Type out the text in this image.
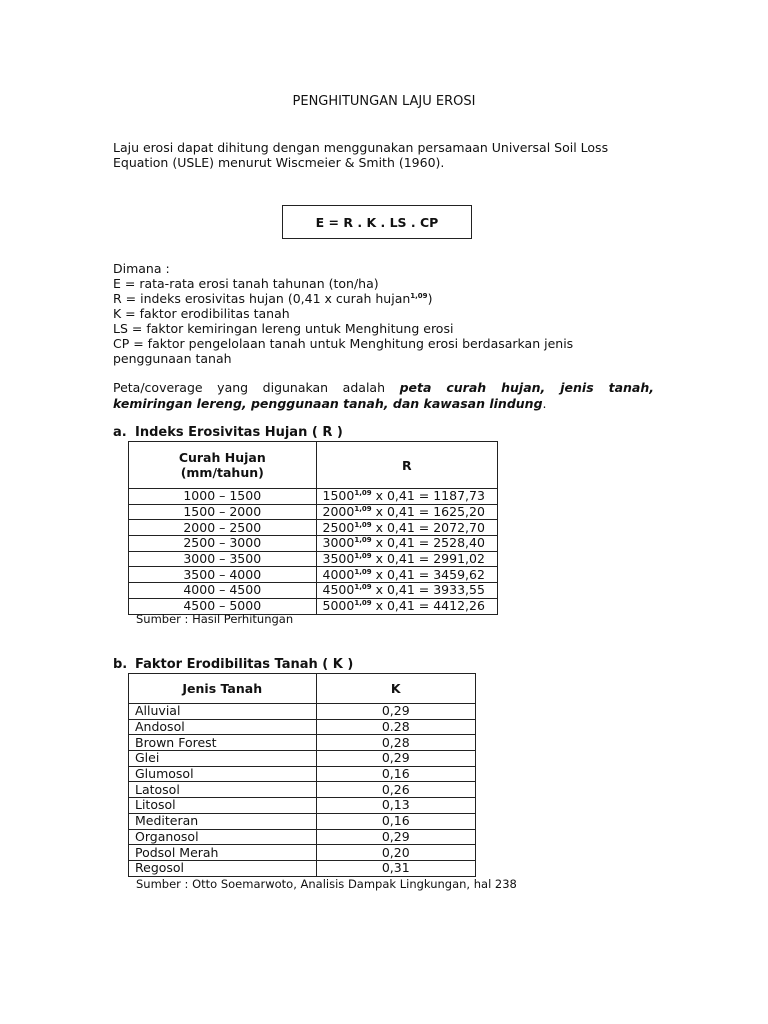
PENGHITUNGAN LAJU EROSI
Laju erosi dapat dihitung dengan menggunakan persamaan Universal Soil Loss
Equation (USLE) menurut Wiscmeier & Smith (1960).
E = R . K . LS . CP
Dimana :
E = rata-rata erosi tanah tahunan (ton/ha)
R = indeks erosivitas hujan (0,41 x curah hujan$^{1,09}$)
K = faktor erodibilitas tanah
LS = faktor kemiringan lereng untuk Menghitung erosi
CP = faktor pengelolaan tanah untuk Menghitung erosi berdasarkan jenis
penggunaan tanah
Peta/coverage yang digunakan adalah peta curah hujan, jenis tanah,
kemiringan lereng, penggunaan tanah, dan kawasan lindung.
a. Indeks Erosivitas Hujan ( R )
Curah Hujan
(mm/tahun)	R
1000 – 1500	1500$^{1,09}$ x 0,41 = 1187,73
1500 – 2000	2000$^{1,09}$ x 0,41 = 1625,20
2000 – 2500	2500$^{1,09}$ x 0,41 = 2072,70
2500 – 3000	3000$^{1,09}$ x 0,41 = 2528,40
3000 – 3500	3500$^{1,09}$ x 0,41 = 2991,02
3500 – 4000	4000$^{1,09}$ x 0,41 = 3459,62
4000 – 4500	4500$^{1,09}$ x 0,41 = 3933,55
4500 – 5000	5000$^{1,09}$ x 0,41 = 4412,26
Sumber : Hasil Perhitungan
b. Faktor Erodibilitas Tanah ( K )
Jenis Tanah	K
Alluvial	0,29
Andosol	0.28
Brown Forest	0,28
Glei	0,29
Glumosol	0,16
Latosol	0,26
Litosol	0,13
Mediteran	0,16
Organosol	0,29
Podsol Merah	0,20
Regosol	0,31
Sumber : Otto Soemarwoto, Analisis Dampak Lingkungan, hal 238
